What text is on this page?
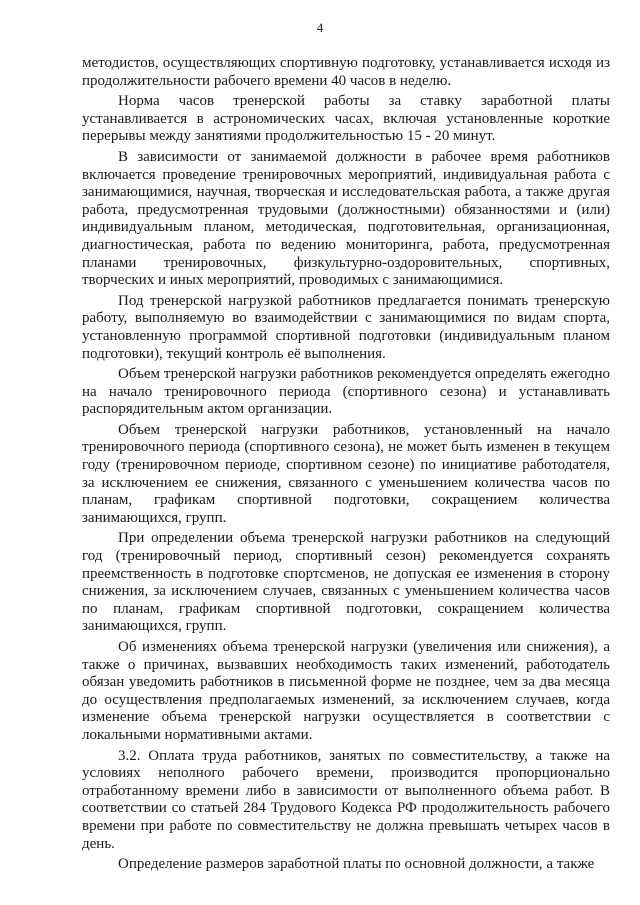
4

методистов, осуществляющих спортивную подготовку, устанавливается исходя из продолжительности рабочего времени 40 часов в неделю.

Норма часов тренерской работы за ставку заработной платы устанавливается в астрономических часах, включая установленные короткие перерывы между занятиями продолжительностью 15 - 20 минут.

В зависимости от занимаемой должности в рабочее время работников включается проведение тренировочных мероприятий, индивидуальная работа с занимающимися, научная, творческая и исследовательская работа, а также другая работа, предусмотренная трудовыми (должностными) обязанностями и (или) индивидуальным планом, методическая, подготовительная, организационная, диагностическая, работа по ведению мониторинга, работа, предусмотренная планами тренировочных, физкультурно-оздоровительных, спортивных, творческих и иных мероприятий, проводимых с занимающимися.

Под тренерской нагрузкой работников предлагается понимать тренерскую работу, выполняемую во взаимодействии с занимающимися по видам спорта, установленную программой спортивной подготовки (индивидуальным планом подготовки), текущий контроль её выполнения.

Объем тренерской нагрузки работников рекомендуется определять ежегодно на начало тренировочного периода (спортивного сезона) и устанавливать распорядительным актом организации.

Объем тренерской нагрузки работников, установленный на начало тренировочного периода (спортивного сезона), не может быть изменен в текущем году (тренировочном периоде, спортивном сезоне) по инициативе работодателя, за исключением ее снижения, связанного с уменьшением количества часов по планам, графикам спортивной подготовки, сокращением количества занимающихся, групп.

При определении объема тренерской нагрузки работников на следующий год (тренировочный период, спортивный сезон) рекомендуется сохранять преемственность в подготовке спортсменов, не допуская ее изменения в сторону снижения, за исключением случаев, связанных с уменьшением количества часов по планам, графикам спортивной подготовки, сокращением количества занимающихся, групп.

Об изменениях объема тренерской нагрузки (увеличения или снижения), а также о причинах, вызвавших необходимость таких изменений, работодатель обязан уведомить работников в письменной форме не позднее, чем за два месяца до осуществления предполагаемых изменений, за исключением случаев, когда изменение объема тренерской нагрузки осуществляется в соответствии с локальными нормативными актами.

3.2. Оплата труда работников, занятых по совместительству, а также на условиях неполного рабочего времени, производится пропорционально отработанному времени либо в зависимости от выполненного объема работ. В соответствии со статьей 284 Трудового Кодекса РФ продолжительность рабочего времени при работе по совместительству не должна превышать четырех часов в день.

Определение размеров заработной платы по основной должности, а также
